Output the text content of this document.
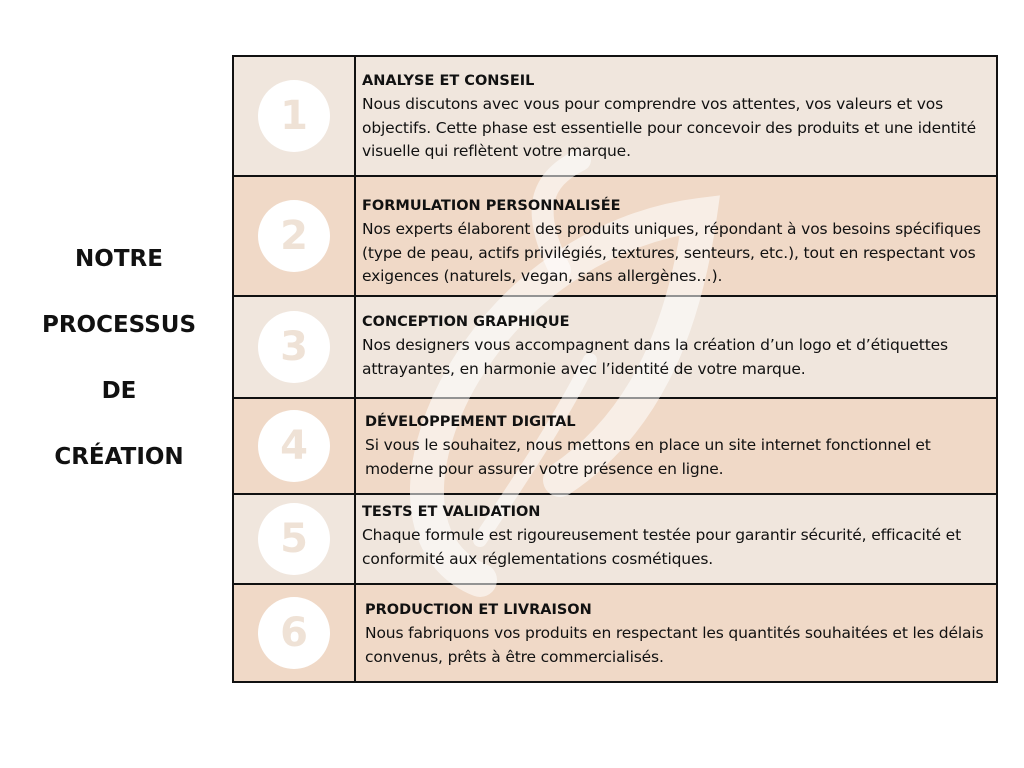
NOTRE
PROCESSUS
DE
CRÉATION
1
ANALYSE ET CONSEIL
Nous discutons avec vous pour comprendre vos attentes, vos valeurs et vos objectifs. Cette phase est essentielle pour concevoir des produits et une identité visuelle qui reflètent votre marque.
2
FORMULATION PERSONNALISÉE
Nos experts élaborent des produits uniques, répondant à vos besoins spécifiques (type de peau, actifs privilégiés, textures, senteurs, etc.), tout en respectant vos exigences (naturels, vegan, sans allergènes…).
3
CONCEPTION GRAPHIQUE
Nos designers vous accompagnent dans la création d’un logo et d’étiquettes attrayantes, en harmonie avec l’identité de votre marque.
4
DÉVELOPPEMENT DIGITAL
Si vous le souhaitez, nous mettons en place un site internet fonctionnel et moderne pour assurer votre présence en ligne.
5
TESTS ET VALIDATION
Chaque formule est rigoureusement testée pour garantir sécurité, efficacité et conformité aux réglementations cosmétiques.
6	PRODUCTION ET LIVRAISON
Nous fabriquons vos produits en respectant les quantités souhaitées et les délais convenus, prêts à être commercialisés.
